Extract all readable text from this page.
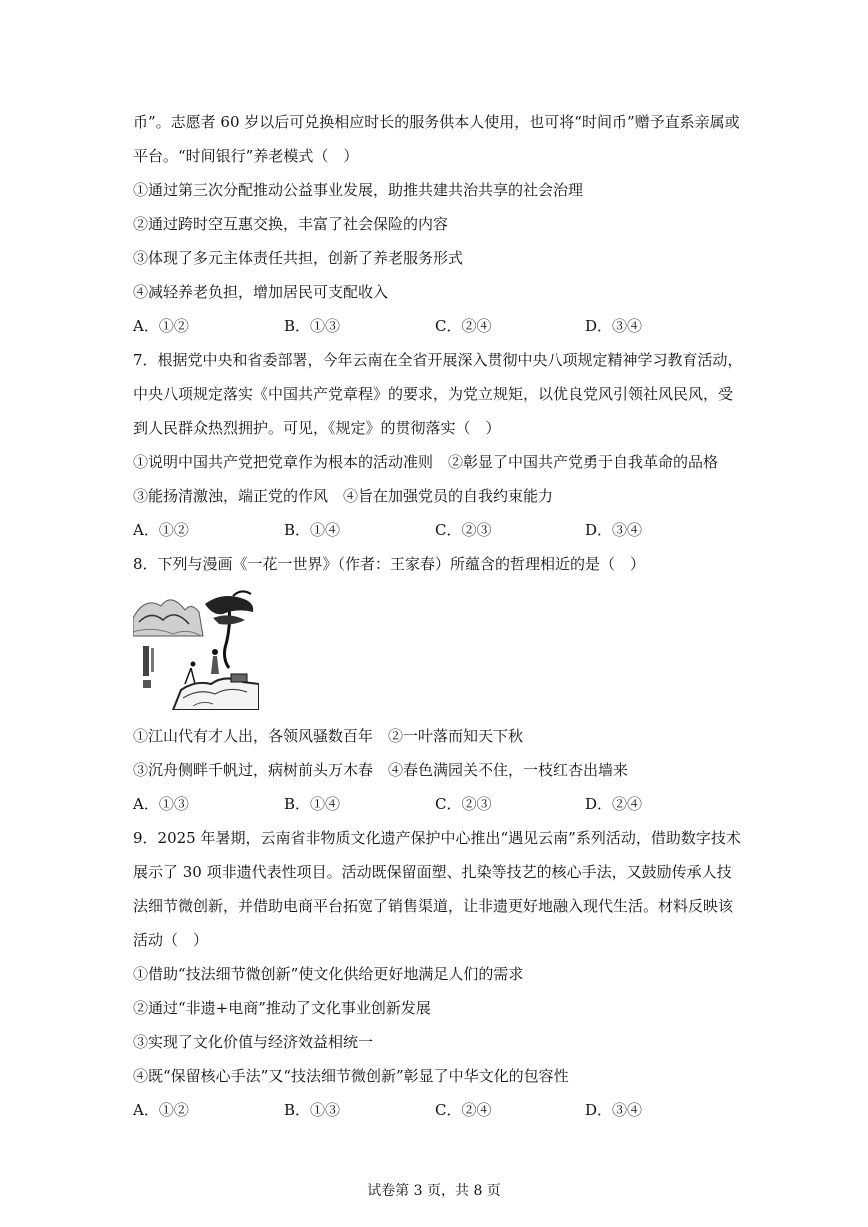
币”。志愿者 60 岁以后可兑换相应时长的服务供本人使用，也可将“时间币”赠予直系亲属或
平台。“时间银行”养老模式（　）
①通过第三次分配推动公益事业发展，助推共建共治共享的社会治理
②通过跨时空互惠交换，丰富了社会保险的内容
③体现了多元主体责任共担，创新了养老服务形式
④减轻养老负担，增加居民可支配收入
A．①②	B．①③	C．②④	D．③④
7．根据党中央和省委部署，今年云南在全省开展深入贯彻中央八项规定精神学习教育活动，
中央八项规定落实《中国共产党章程》的要求，为党立规矩，以优良党风引领社风民风，受
到人民群众热烈拥护。可见，《规定》的贯彻落实（　）
①说明中国共产党把党章作为根本的活动准则　②彰显了中国共产党勇于自我革命的品格
③能扬清激浊，端正党的作风　④旨在加强党员的自我约束能力
A．①②	B．①④	C．②③	D．③④
8．下列与漫画《一花一世界》（作者：王家春）所蕴含的哲理相近的是（　）
①江山代有才人出，各领风骚数百年　②一叶落而知天下秋
③沉舟侧畔千帆过，病树前头万木春　④春色满园关不住，一枝红杏出墙来
A．①③	B．①④	C．②③	D．②④
9．2025 年暑期，云南省非物质文化遗产保护中心推出“遇见云南”系列活动，借助数字技术
展示了 30 项非遗代表性项目。活动既保留面塑、扎染等技艺的核心手法，又鼓励传承人技
法细节微创新，并借助电商平台拓宽了销售渠道，让非遗更好地融入现代生活。材料反映该
活动（　）
①借助“技法细节微创新”使文化供给更好地满足人们的需求
②通过“非遗+电商”推动了文化事业创新发展
③实现了文化价值与经济效益相统一
④既“保留核心手法”又“技法细节微创新”彰显了中华文化的包容性
A．①②	B．①③	C．②④	D．③④
试卷第 3 页，共 8 页
